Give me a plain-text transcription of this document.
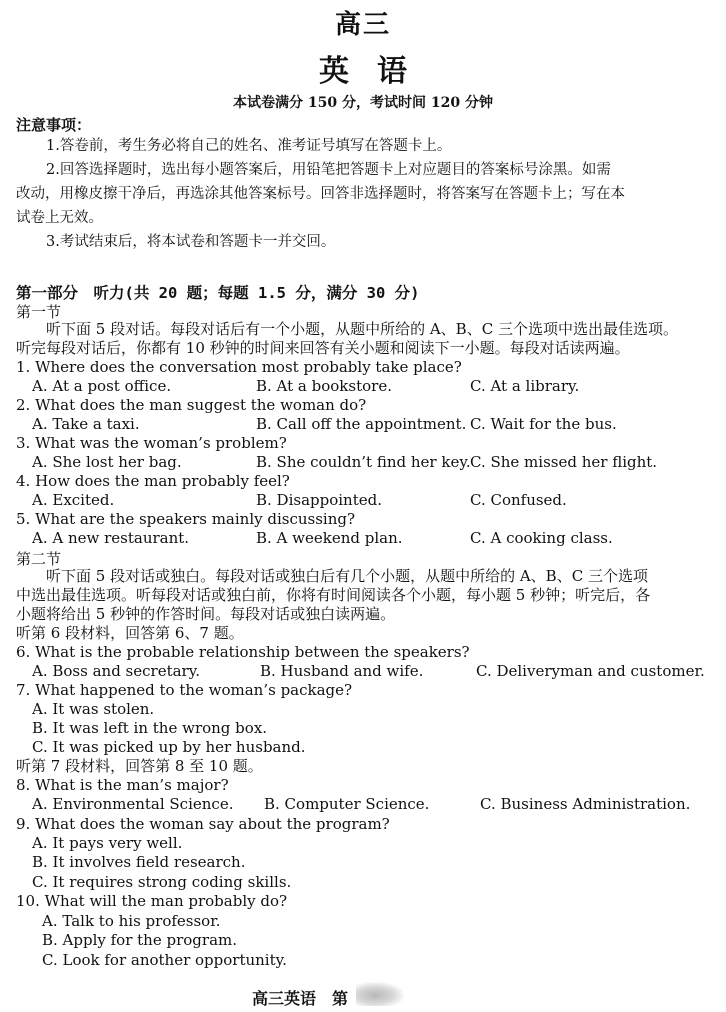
高三
英语
本试卷满分 150 分，考试时间 120 分钟
注意事项：
1.答卷前，考生务必将自己的姓名、准考证号填写在答题卡上。
2.回答选择题时，选出每小题答案后，用铅笔把答题卡上对应题目的答案标号涂黑。如需
改动，用橡皮擦干净后，再选涂其他答案标号。回答非选择题时，将答案写在答题卡上；写在本
试卷上无效。
3.考试结束后，将本试卷和答题卡一并交回。
第一部分　听力(共 20 题；每题 1.5 分，满分 30 分)
第一节
听下面 5 段对话。每段对话后有一个小题，从题中所给的 A、B、C 三个选项中选出最佳选项。
听完每段对话后，你都有 10 秒钟的时间来回答有关小题和阅读下一小题。每段对话读两遍。
1. Where does the conversation most probably take place?
A. At a post office.	B. At a bookstore.	C. At a library.
2. What does the man suggest the woman do?
A. Take a taxi.	B. Call off the appointment. C. Wait for the bus.
3. What was the woman’s problem?
A. She lost her bag.	B. She couldn’t find her key. C. She missed her flight.
4. How does the man probably feel?
A. Excited.	B. Disappointed.	C. Confused.
5. What are the speakers mainly discussing?
A. A new restaurant.	B. A weekend plan.	C. A cooking class.
第二节
听下面 5 段对话或独白。每段对话或独白后有几个小题，从题中所给的 A、B、C 三个选项
中选出最佳选项。听每段对话或独白前，你将有时间阅读各个小题，每小题 5 秒钟；听完后，各
小题将给出 5 秒钟的作答时间。每段对话或独白读两遍。
听第 6 段材料，回答第 6、7 题。
6. What is the probable relationship between the speakers?
A. Boss and secretary.	B. Husband and wife.	C. Deliveryman and customer.
7. What happened to the woman’s package?
A. It was stolen.
B. It was left in the wrong box.
C. It was picked up by her husband.
听第 7 段材料，回答第 8 至 10 题。
8. What is the man’s major?
A. Environmental Science. B. Computer Science.	C. Business Administration.
9. What does the woman say about the program?
A. It pays very well.
B. It involves field research.
C. It requires strong coding skills.
10. What will the man probably do?
A. Talk to his professor.
B. Apply for the program.
C. Look for another opportunity.
高三英语　第
